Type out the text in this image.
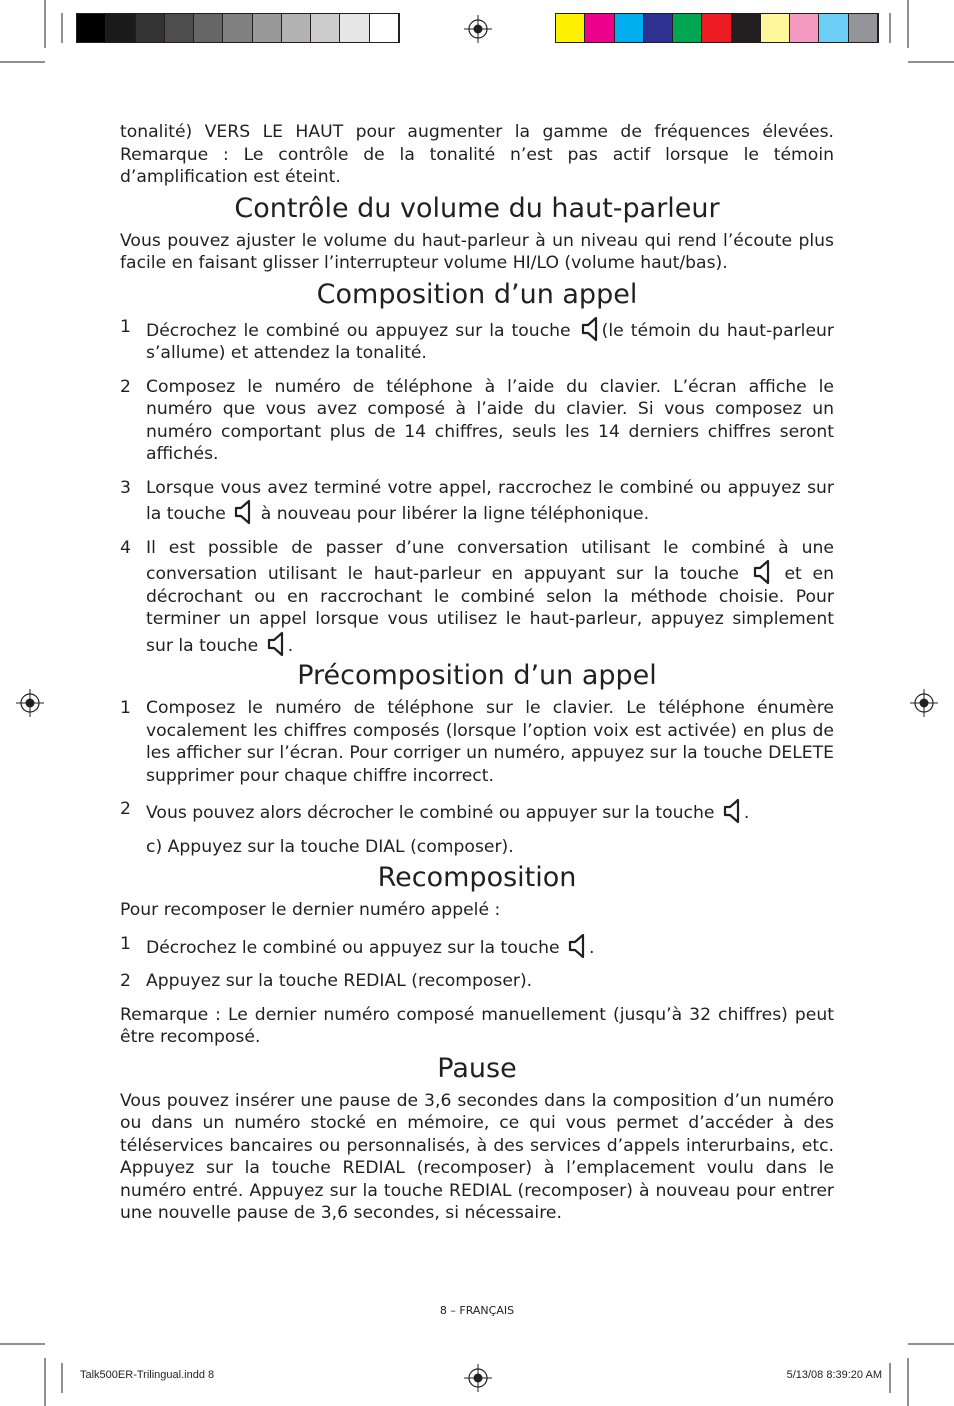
tonalité) VERS LE HAUT pour augmenter la gamme de fréquences élevées. Remarque : Le contrôle de la tonalité n’est pas actif lorsque le témoin d’amplification est éteint.

Contrôle du volume du haut-parleur

Vous pouvez ajuster le volume du haut-parleur à un niveau qui rend l’écoute plus facile en faisant glisser l’interrupteur volume HI/LO (volume haut/bas).

Composition d’un appel
1 Décrochez le combiné ou appuyez sur la touche (le témoin du haut-parleur s’allume) et attendez la tonalité.
2 Composez le numéro de téléphone à l’aide du clavier. L’écran affiche le numéro que vous avez composé à l’aide du clavier. Si vous composez un numéro comportant plus de 14 chiffres, seuls les 14 derniers chiffres seront affichés.
3 Lorsque vous avez terminé votre appel, raccrochez le combiné ou appuyez sur la touche à nouveau pour libérer la ligne téléphonique.
4 Il est possible de passer d’une conversation utilisant le combiné à une conversation utilisant le haut-parleur en appuyant sur la touche	et en décrochant ou en raccrochant le combiné selon la méthode choisie. Pour terminer un appel lorsque vous utilisez le haut-parleur, appuyez simplement sur la touche .
Précomposition d’un appel
1 Composez le numéro de téléphone sur le clavier. Le téléphone énumère vocalement les chiffres composés (lorsque l’option voix est activée) en plus de les afficher sur l’écran. Pour corriger un numéro, appuyez sur la touche DELETE supprimer pour chaque chiffre incorrect.
2 Vous pouvez alors décrocher le combiné ou appuyer sur la touche .

c) Appuyez sur la touche DIAL (composer).

Recomposition

Pour recomposer le dernier numéro appelé :

1 Décrochez le combiné ou appuyez sur la touche .
2 Appuyez sur la touche REDIAL (recomposer).

Remarque : Le dernier numéro composé manuellement (jusqu’à 32 chiffres) peut être recomposé.

Pause

Vous pouvez insérer une pause de 3,6 secondes dans la composition d’un numéro ou dans un numéro stocké en mémoire, ce qui vous permet d’accéder à des téléservices bancaires ou personnalisés, à des services d’appels interurbains, etc. Appuyez sur la touche REDIAL (recomposer) à l’emplacement voulu dans le numéro entré. Appuyez sur la touche REDIAL (recomposer) à nouveau pour entrer une nouvelle pause de 3,6 secondes, si nécessaire.

8 – FRANÇAIS
Talk500ER-Trilingual.indd 8	5/13/08 8:39:20 AM
